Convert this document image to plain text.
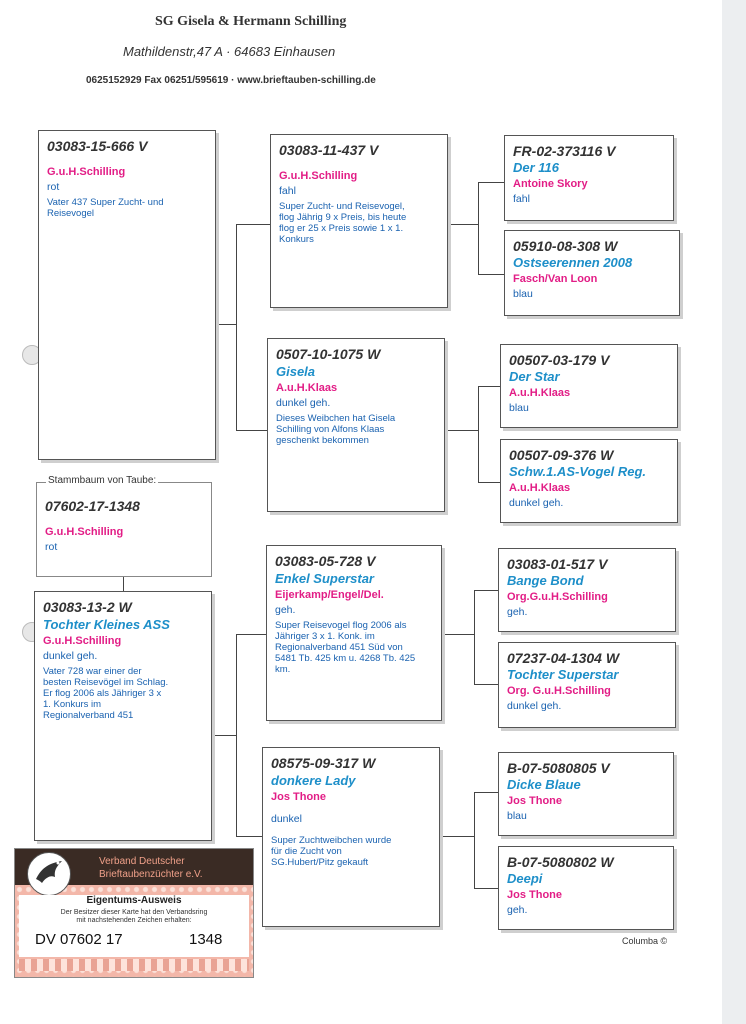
SG Gisela & Hermann Schilling
Mathildenstr,47 A · 64683 Einhausen
0625152929 Fax 06251/595619 · www.brieftauben-schilling.de
03083-15-666 V
G.u.H.Schilling
rot
Vater 437 Super Zucht- und Reisevogel
07602-17-1348
G.u.H.Schilling
rot
Stammbaum von Taube:
03083-13-2 W
Tochter Kleines ASS
G.u.H.Schilling
dunkel geh.
Vater 728 war einer der besten Reisevögel im Schlag. Er flog 2006 als Jähriger 3 x 1. Konkurs im Regionalverband 451
03083-11-437 V
G.u.H.Schilling
fahl
Super Zucht- und Reisevogel, flog Jährig 9 x Preis, bis heute flog er 25 x Preis sowie 1 x 1. Konkurs
0507-10-1075 W
Gisela
A.u.H.Klaas
dunkel geh.
Dieses Weibchen hat Gisela Schilling von Alfons Klaas geschenkt bekommen
03083-05-728 V
Enkel Superstar
Eijerkamp/Engel/Del.
geh.
Super Reisevogel flog 2006 als Jähriger 3 x 1. Konk. im Regionalverband 451 Süd von 5481 Tb. 425 km u. 4268 Tb. 425 km.
08575-09-317 W
donkere Lady
Jos Thone
dunkel
Super Zuchtweibchen wurde für die Zucht von SG.Hubert/Pitz gekauft
FR-02-373116 V
Der 116
Antoine Skory
fahl
05910-08-308 W
Ostseerennen 2008
Fasch/Van Loon
blau
00507-03-179 V
Der Star
A.u.H.Klaas
blau
00507-09-376 W
Schw.1.AS-Vogel Reg.
A.u.H.Klaas
dunkel geh.
03083-01-517 V
Bange Bond
Org.G.u.H.Schilling
geh.
07237-04-1304 W
Tochter Superstar
Org. G.u.H.Schilling
dunkel geh.
B-07-5080805 V
Dicke Blaue
Jos Thone
blau
B-07-5080802 W
Deepi
Jos Thone
geh.
Verband Deutscher
Brieftaubenzüchter e.V.
Eigentums-Ausweis
Der Besitzer dieser Karte hat den Verbandsring
mit nachstehenden Zeichen erhalten:
DV 07602 17	1348	Columba ©
